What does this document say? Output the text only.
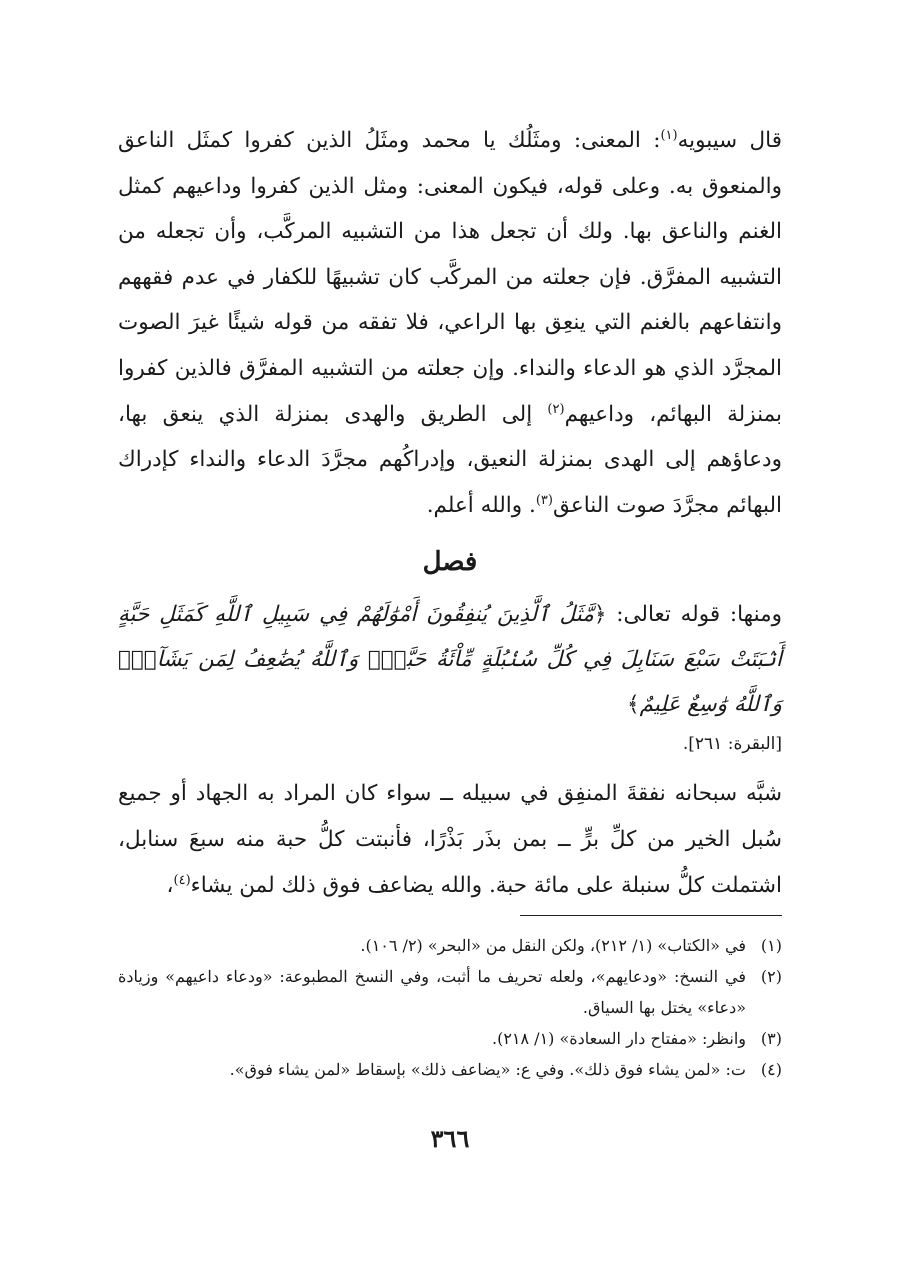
قال سيبويه$^{(١)}$: المعنى: ومثَلُك يا محمد ومثَلُ الذين كفروا كمثَل الناعق والمنعوق به. وعلى قوله، فيكون المعنى: ومثل الذين كفروا وداعيهم كمثل الغنم والناعق بها. ولك أن تجعل هذا من التشبيه المركَّب، وأن تجعله من التشبيه المفرَّق. فإن جعلته من المركَّب كان تشبيهًا للكفار في عدم فقههم وانتفاعهم بالغنم التي ينعِق بها الراعي، فلا تفقه من قوله شيئًا غيرَ الصوت المجرَّد الذي هو الدعاء والنداء. وإن جعلته من التشبيه المفرَّق فالذين كفروا بمنزلة البهائم، وداعيهم$^{(٢)}$ إلى الطريق والهدى بمنزلة الذي ينعق بها، ودعاؤهم إلى الهدى بمنزلة النعيق، وإدراكُهم مجرَّدَ الدعاء والنداء كإدراك البهائم مجرَّدَ صوت الناعق$^{(٣)}$. والله أعلم.

فصل

ومنها: قوله تعالى: ﴿مَّثَلُ ٱلَّذِينَ يُنفِقُونَ أَمْوَٰلَهُمْ فِي سَبِيلِ ٱللَّهِ كَمَثَلِ حَبَّةٍ أَنۢبَتَتْ سَبْعَ سَنَابِلَ فِي كُلِّ سُنۢبُلَةٍ مِّاْئَةُ حَبَّةٍۗ وَٱللَّهُ يُضَٰعِفُ لِمَن يَشَآءُۗ وَٱللَّهُ وَٰسِعٌ عَلِيمٌ﴾

[البقرة: ٢٦١].

شبَّه سبحانه نفقةَ المنفِق في سبيله ــ سواء كان المراد به الجهاد أو جميع سُبل الخير من كلِّ برٍّ ــ بمن بذَر بَذْرًا، فأنبتت كلُّ حبة منه سبعَ سنابل، اشتملت كلُّ سنبلة على مائة حبة. والله يضاعف فوق ذلك لمن يشاء$^{(٤)}$،

(١)
في «الكتاب» (١/ ٢١٢)، ولكن النقل من «البحر» (٢/ ١٠٦).

(٢)
في النسخ: «ودعايهم»، ولعله تحريف ما أثبت، وفي النسخ المطبوعة: «ودعاء داعيهم» وزيادة «دعاء» يختل بها السياق.

(٣)
وانظر: «مفتاح دار السعادة» (١/ ٢١٨).

(٤)
ت: «لمن يشاء فوق ذلك». وفي ع: «يضاعف ذلك» بإسقاط «لمن يشاء فوق».

٣٦٦
